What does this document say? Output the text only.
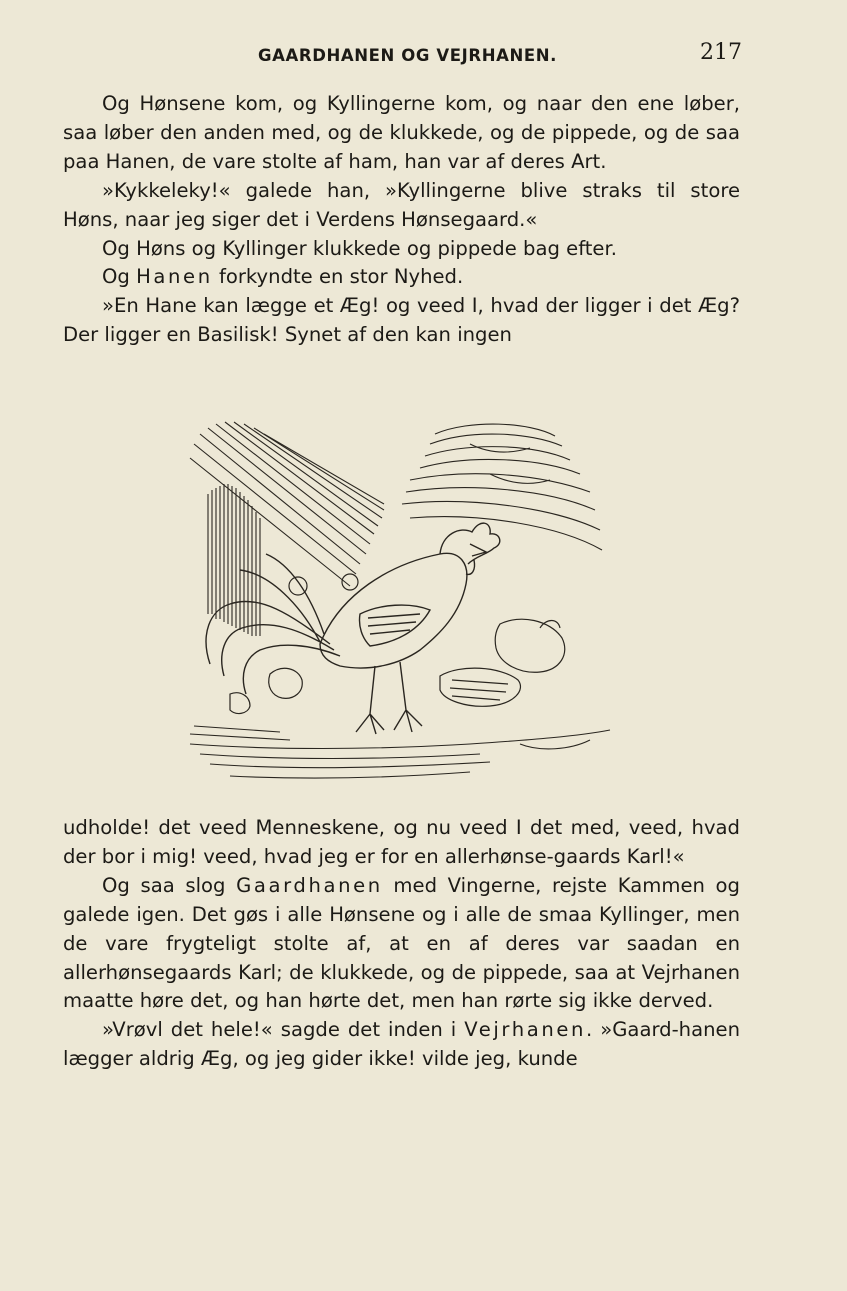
GAARDHANEN OG VEJRHANEN.	217

Og Hønsene kom, og Kyllingerne kom, og naar den ene løber, saa løber den anden med, og de klukkede, og de pippede, og de saa paa Hanen, de vare stolte af ham, han var af deres Art.

»Kykkeleky!« galede han, »Kyllingerne blive straks til store Høns, naar jeg siger det i Verdens Hønsegaard.«

Og Høns og Kyllinger klukkede og pippede bag efter.

Og Hanen forkyndte en stor Nyhed.

»En Hane kan lægge et Æg! og veed I, hvad der ligger i det Æg? Der ligger en Basilisk! Synet af den kan ingen

udholde! det veed Menneskene, og nu veed I det med, veed, hvad der bor i mig! veed, hvad jeg er for en allerhønse-gaards Karl!«

Og saa slog Gaardhanen med Vingerne, rejste Kammen og galede igen. Det gøs i alle Hønsene og i alle de smaa Kyllinger, men de vare frygteligt stolte af, at en af deres var saadan en allerhønsegaards Karl; de klukkede, og de pippede, saa at Vejrhanen maatte høre det, og han hørte det, men han rørte sig ikke derved.

»Vrøvl det hele!« sagde det inden i Vejrhanen. »Gaard-hanen lægger aldrig Æg, og jeg gider ikke! vilde jeg, kunde
